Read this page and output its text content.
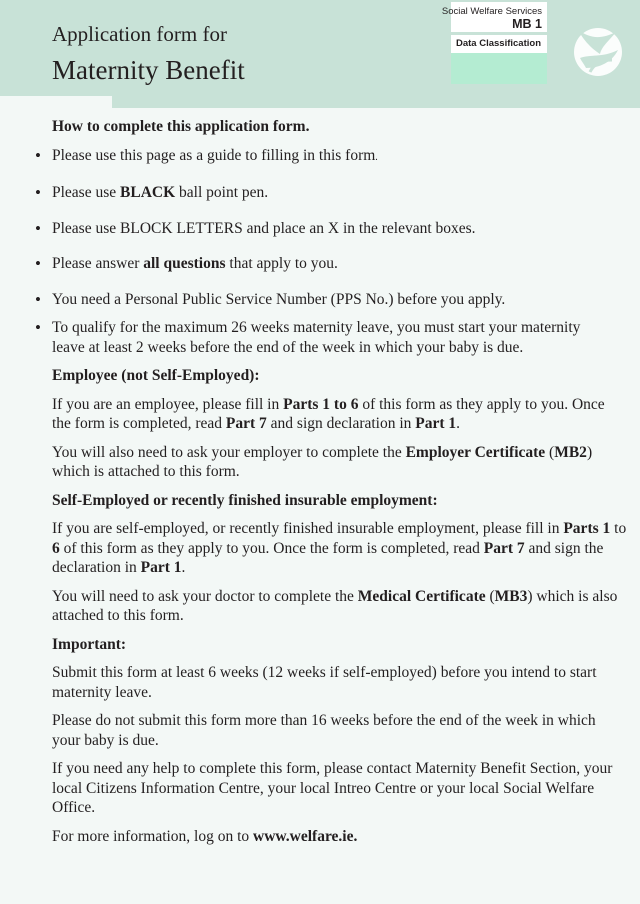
Application form for
Maternity Benefit
Social Welfare Services
MB 1
Data Classification

How to complete this application form.

• Please use this page as a guide to filling in this form.
• Please use BLACK ball point pen.
• Please use BLOCK LETTERS and place an X in the relevant boxes.
• Please answer all questions that apply to you.
• You need a Personal Public Service Number (PPS No.) before you apply.
• To qualify for the maximum 26 weeks maternity leave, you must start your maternity leave at least 2 weeks before the end of the week in which your baby is due.

Employee (not Self-Employed):

If you are an employee, please fill in Parts 1 to 6 of this form as they apply to you. Once the form is completed, read Part 7 and sign declaration in Part 1.

You will also need to ask your employer to complete the Employer Certificate (MB2) which is attached to this form.

Self-Employed or recently finished insurable employment:

If you are self-employed, or recently finished insurable employment, please fill in Parts 1 to 6 of this form as they apply to you. Once the form is completed, read Part 7 and sign the declaration in Part 1.

You will need to ask your doctor to complete the Medical Certificate (MB3) which is also attached to this form.

Important:

Submit this form at least 6 weeks (12 weeks if self-employed) before you intend to start maternity leave.

Please do not submit this form more than 16 weeks before the end of the week in which your baby is due.

If you need any help to complete this form, please contact Maternity Benefit Section, your local Citizens Information Centre, your local Intreo Centre or your local Social Welfare Office.

For more information, log on to www.welfare.ie.
